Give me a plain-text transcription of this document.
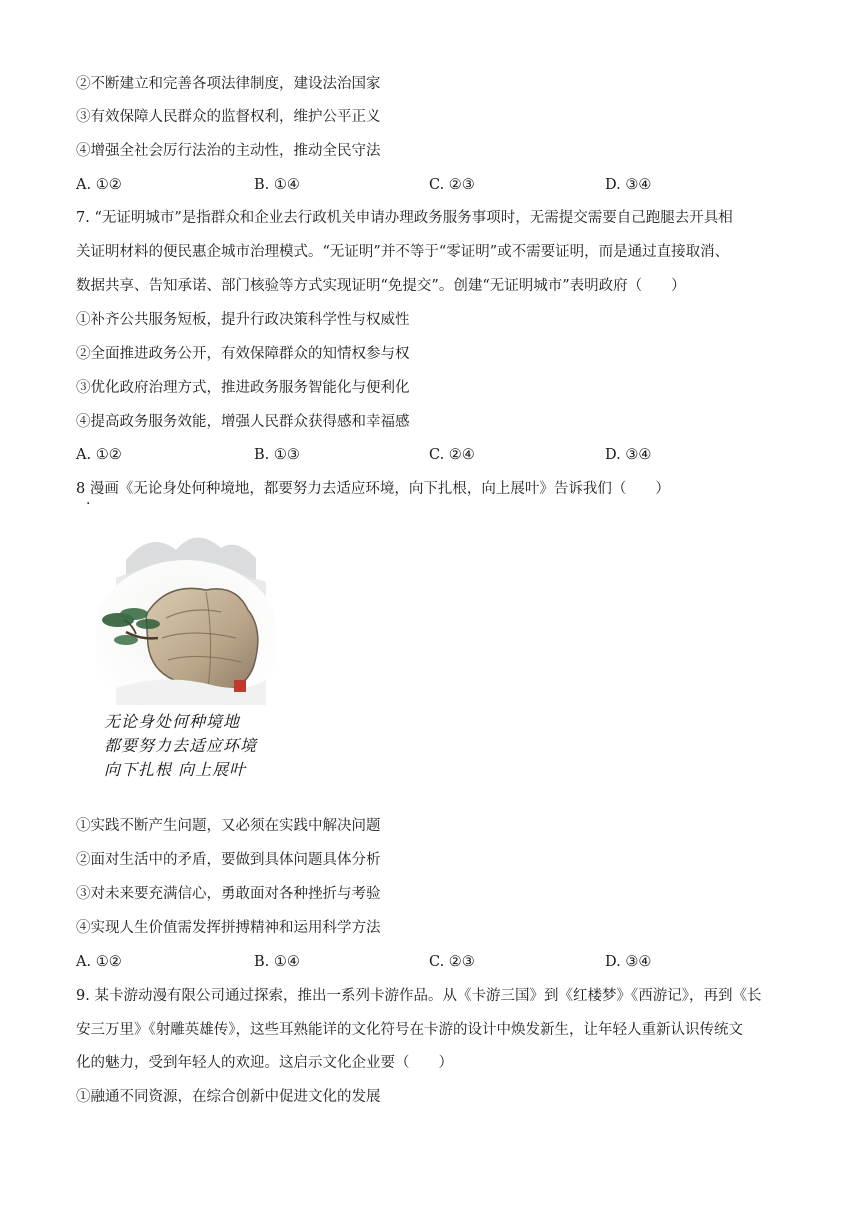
②不断建立和完善各项法律制度，建设法治国家
③有效保障人民群众的监督权利，维护公平正义
④增强全社会厉行法治的主动性，推动全民守法
A. ①②	B. ①④	C. ②③	D. ③④
7. “无证明城市”是指群众和企业去行政机关申请办理政务服务事项时，无需提交需要自己跑腿去开具相
关证明材料的便民惠企城市治理模式。“无证明”并不等于“零证明”或不需要证明，而是通过直接取消、
数据共享、告知承诺、部门核验等方式实现证明“免提交”。创建“无证明城市”表明政府（　　）
①补齐公共服务短板，提升行政决策科学性与权威性
②全面推进政务公开，有效保障群众的知情权参与权
③优化政府治理方式，推进政务服务智能化与便利化
④提高政务服务效能，增强人民群众获得感和幸福感
A. ①②	B. ①③	C. ②④	D. ③④
8 漫画《无论身处何种境地，都要努力去适应环境，向下扎根，向上展叶》告诉我们（　　）
·
无论身处何种境地
都要努力去适应环境
向下扎根 向上展叶
①实践不断产生问题，又必须在实践中解决问题
②面对生活中的矛盾，要做到具体问题具体分析
③对未来要充满信心，勇敢面对各种挫折与考验
④实现人生价值需发挥拼搏精神和运用科学方法
A. ①②	B. ①④	C. ②③	D. ③④
9. 某卡游动漫有限公司通过探索，推出一系列卡游作品。从《卡游三国》到《红楼梦》《西游记》，再到《长
安三万里》《射雕英雄传》，这些耳熟能详的文化符号在卡游的设计中焕发新生，让年轻人重新认识传统文
化的魅力，受到年轻人的欢迎。这启示文化企业要（　　）
①融通不同资源，在综合创新中促进文化的发展
